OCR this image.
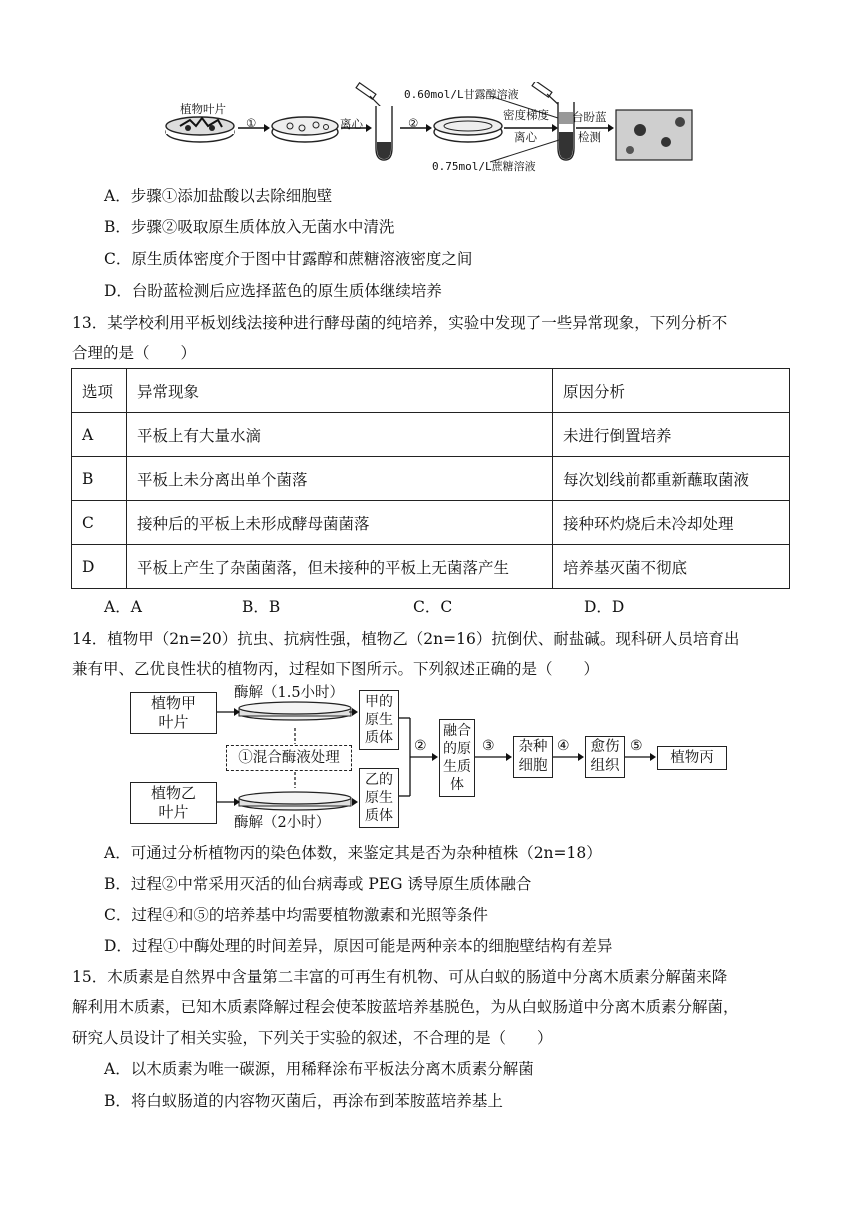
植物叶片
①	离心	②
0.60mol/L甘露醇溶液
密度梯度
离心
0.75mol/L蔗糖溶液
台盼蓝
检测
A．步骤①添加盐酸以去除细胞壁
B．步骤②吸取原生质体放入无菌水中清洗
C．原生质体密度介于图中甘露醇和蔗糖溶液密度之间
D．台盼蓝检测后应选择蓝色的原生质体继续培养
13．某学校利用平板划线法接种进行酵母菌的纯培养，实验中发现了一些异常现象，下列分析不
合理的是（　　）
选项	异常现象	原因分析
A	平板上有大量水滴	未进行倒置培养
B	平板上未分离出单个菌落	每次划线前都重新蘸取菌液
C	接种后的平板上未形成酵母菌菌落	接种环灼烧后未冷却处理
D	平板上产生了杂菌菌落，但未接种的平板上无菌落产生	培养基灭菌不彻底
A．A	B．B	C．C	D．D
14．植物甲（2n=20）抗虫、抗病性强，植物乙（2n=16）抗倒伏、耐盐碱。现科研人员培育出
兼有甲、乙优良性状的植物丙，过程如下图所示。下列叙述正确的是（　　）
植物甲
叶片
植物乙
叶片
酶解（1.5小时）
酶解（2小时）
①混合酶液处理
甲的
原生
质体
乙的
原生
质体
②
融合
的原
生质
体
③	杂种
细胞
④	愈伤
组织
⑤
植物丙
A．可通过分析植物丙的染色体数，来鉴定其是否为杂种植株（2n=18）
B．过程②中常采用灭活的仙台病毒或 PEG 诱导原生质体融合
C．过程④和⑤的培养基中均需要植物激素和光照等条件
D．过程①中酶处理的时间差异，原因可能是两种亲本的细胞壁结构有差异
15．木质素是自然界中含量第二丰富的可再生有机物、可从白蚁的肠道中分离木质素分解菌来降
解利用木质素，已知木质素降解过程会使苯胺蓝培养基脱色，为从白蚁肠道中分离木质素分解菌，
研究人员设计了相关实验，下列关于实验的叙述，不合理的是（　　）
A．以木质素为唯一碳源，用稀释涂布平板法分离木质素分解菌
B．将白蚁肠道的内容物灭菌后，再涂布到苯胺蓝培养基上
